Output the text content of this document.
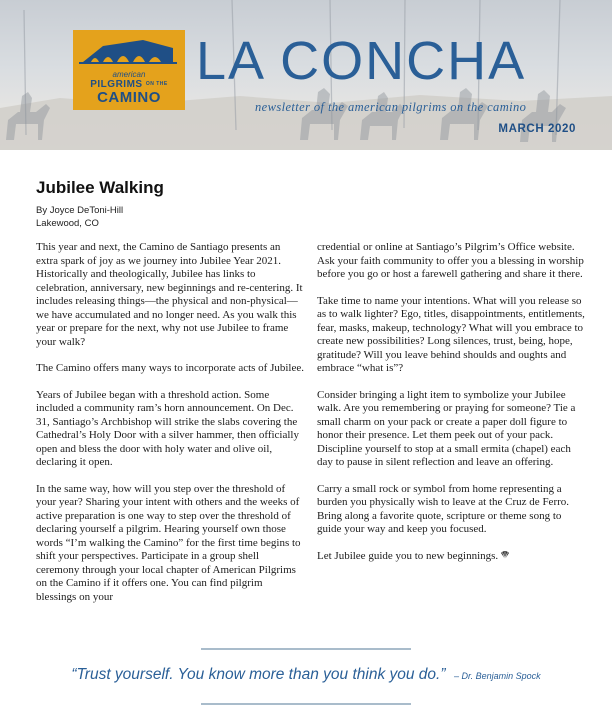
american
PILGRIMS ON THE
CAMINO
LA CONCHA
newsletter of the american pilgrims on the camino
MARCH 2020
Jubilee Walking
By Joyce DeToni-Hill
Lakewood, CO

This year and next, the Camino de Santiago presents an extra spark of joy as we journey into Jubilee Year 2021. Historically and theologically, Jubilee has links to celebration, anniversary, new beginnings and re-centering. It includes releasing things—the physical and non-physical—we have accumulated and no longer need. As you walk this year or prepare for the next, why not use Jubilee to frame your walk?

The Camino offers many ways to incorporate acts of Jubilee.

Years of Jubilee began with a threshold action. Some included a community ram’s horn announcement. On Dec. 31, Santiago’s Archbishop will strike the slabs covering the Cathedral’s Holy Door with a silver hammer, then officially open and bless the door with holy water and olive oil, declaring it open.

In the same way, how will you step over the threshold of your year? Sharing your intent with others and the weeks of active preparation is one way to step over the threshold of declaring yourself a pilgrim. Hearing yourself own those words “I’m walking the Camino” for the first time begins to shift your perspectives. Participate in a group shell ceremony through your local chapter of American Pilgrims on the Camino if it offers one. You can find pilgrim blessings on your

credential or online at Santiago’s Pilgrim’s Office website. Ask your faith community to offer you a blessing in worship before you go or host a farewell gathering and share it there.

Take time to name your intentions. What will you release so as to walk lighter? Ego, titles, disappointments, entitlements, fear, masks, makeup, technology? What will you embrace to create new possibilities? Long silences, trust, being, hope, gratitude? Will you leave behind shoulds and oughts and embrace “what is”?

Consider bringing a light item to symbolize your Jubilee walk. Are you remembering or praying for someone? Tie a small charm on your pack or create a paper doll figure to honor their presence. Let them peek out of your pack. Discipline yourself to stop at a small ermita (chapel) each day to pause in silent reflection and leave an offering.

Carry a small rock or symbol from home representing a burden you physically wish to leave at the Cruz de Ferro. Bring along a favorite quote, scripture or theme song to guide your way and keep you focused.

Let Jubilee guide you to new beginnings.

“Trust yourself. You know more than you think you do.” – Dr. Benjamin Spock
